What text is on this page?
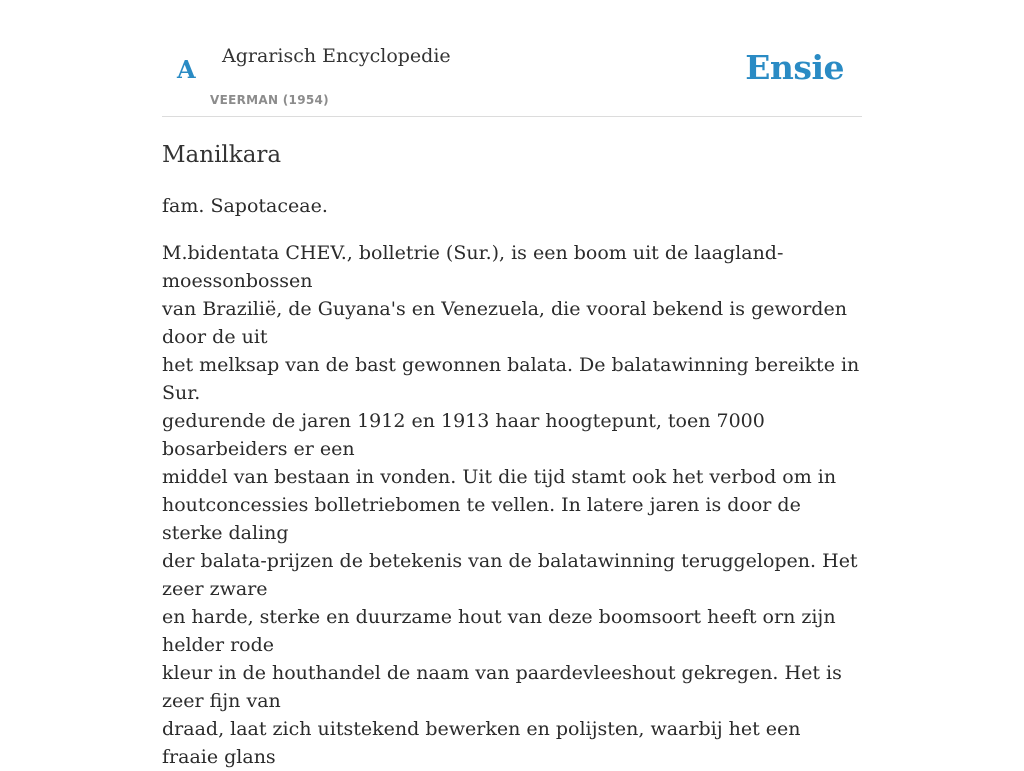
A Agrarisch Encyclopedie
VEERMAN (1954)
Ensie
Manilkara

fam. Sapotaceae.

M.bidentata CHEV., bolletrie (Sur.), is een boom uit de laagland-moessonbossen
van Brazilië, de Guyana's en Venezuela, die vooral bekend is geworden door de uit
het melksap van de bast gewonnen balata. De balatawinning bereikte in Sur.
gedurende de jaren 1912 en 1913 haar hoogtepunt, toen 7000 bosarbeiders er een
middel van bestaan in vonden. Uit die tijd stamt ook het verbod om in
houtconcessies bolletriebomen te vellen. In latere jaren is door de sterke daling
der balata-prijzen de betekenis van de balatawinning teruggelopen. Het zeer zware
en harde, sterke en duurzame hout van deze boomsoort heeft orn zijn helder rode
kleur in de houthandel de naam van paardevleeshout gekregen. Het is zeer fijn van
draad, laat zich uitstekend bewerken en polijsten, waarbij het een fraaie glans
